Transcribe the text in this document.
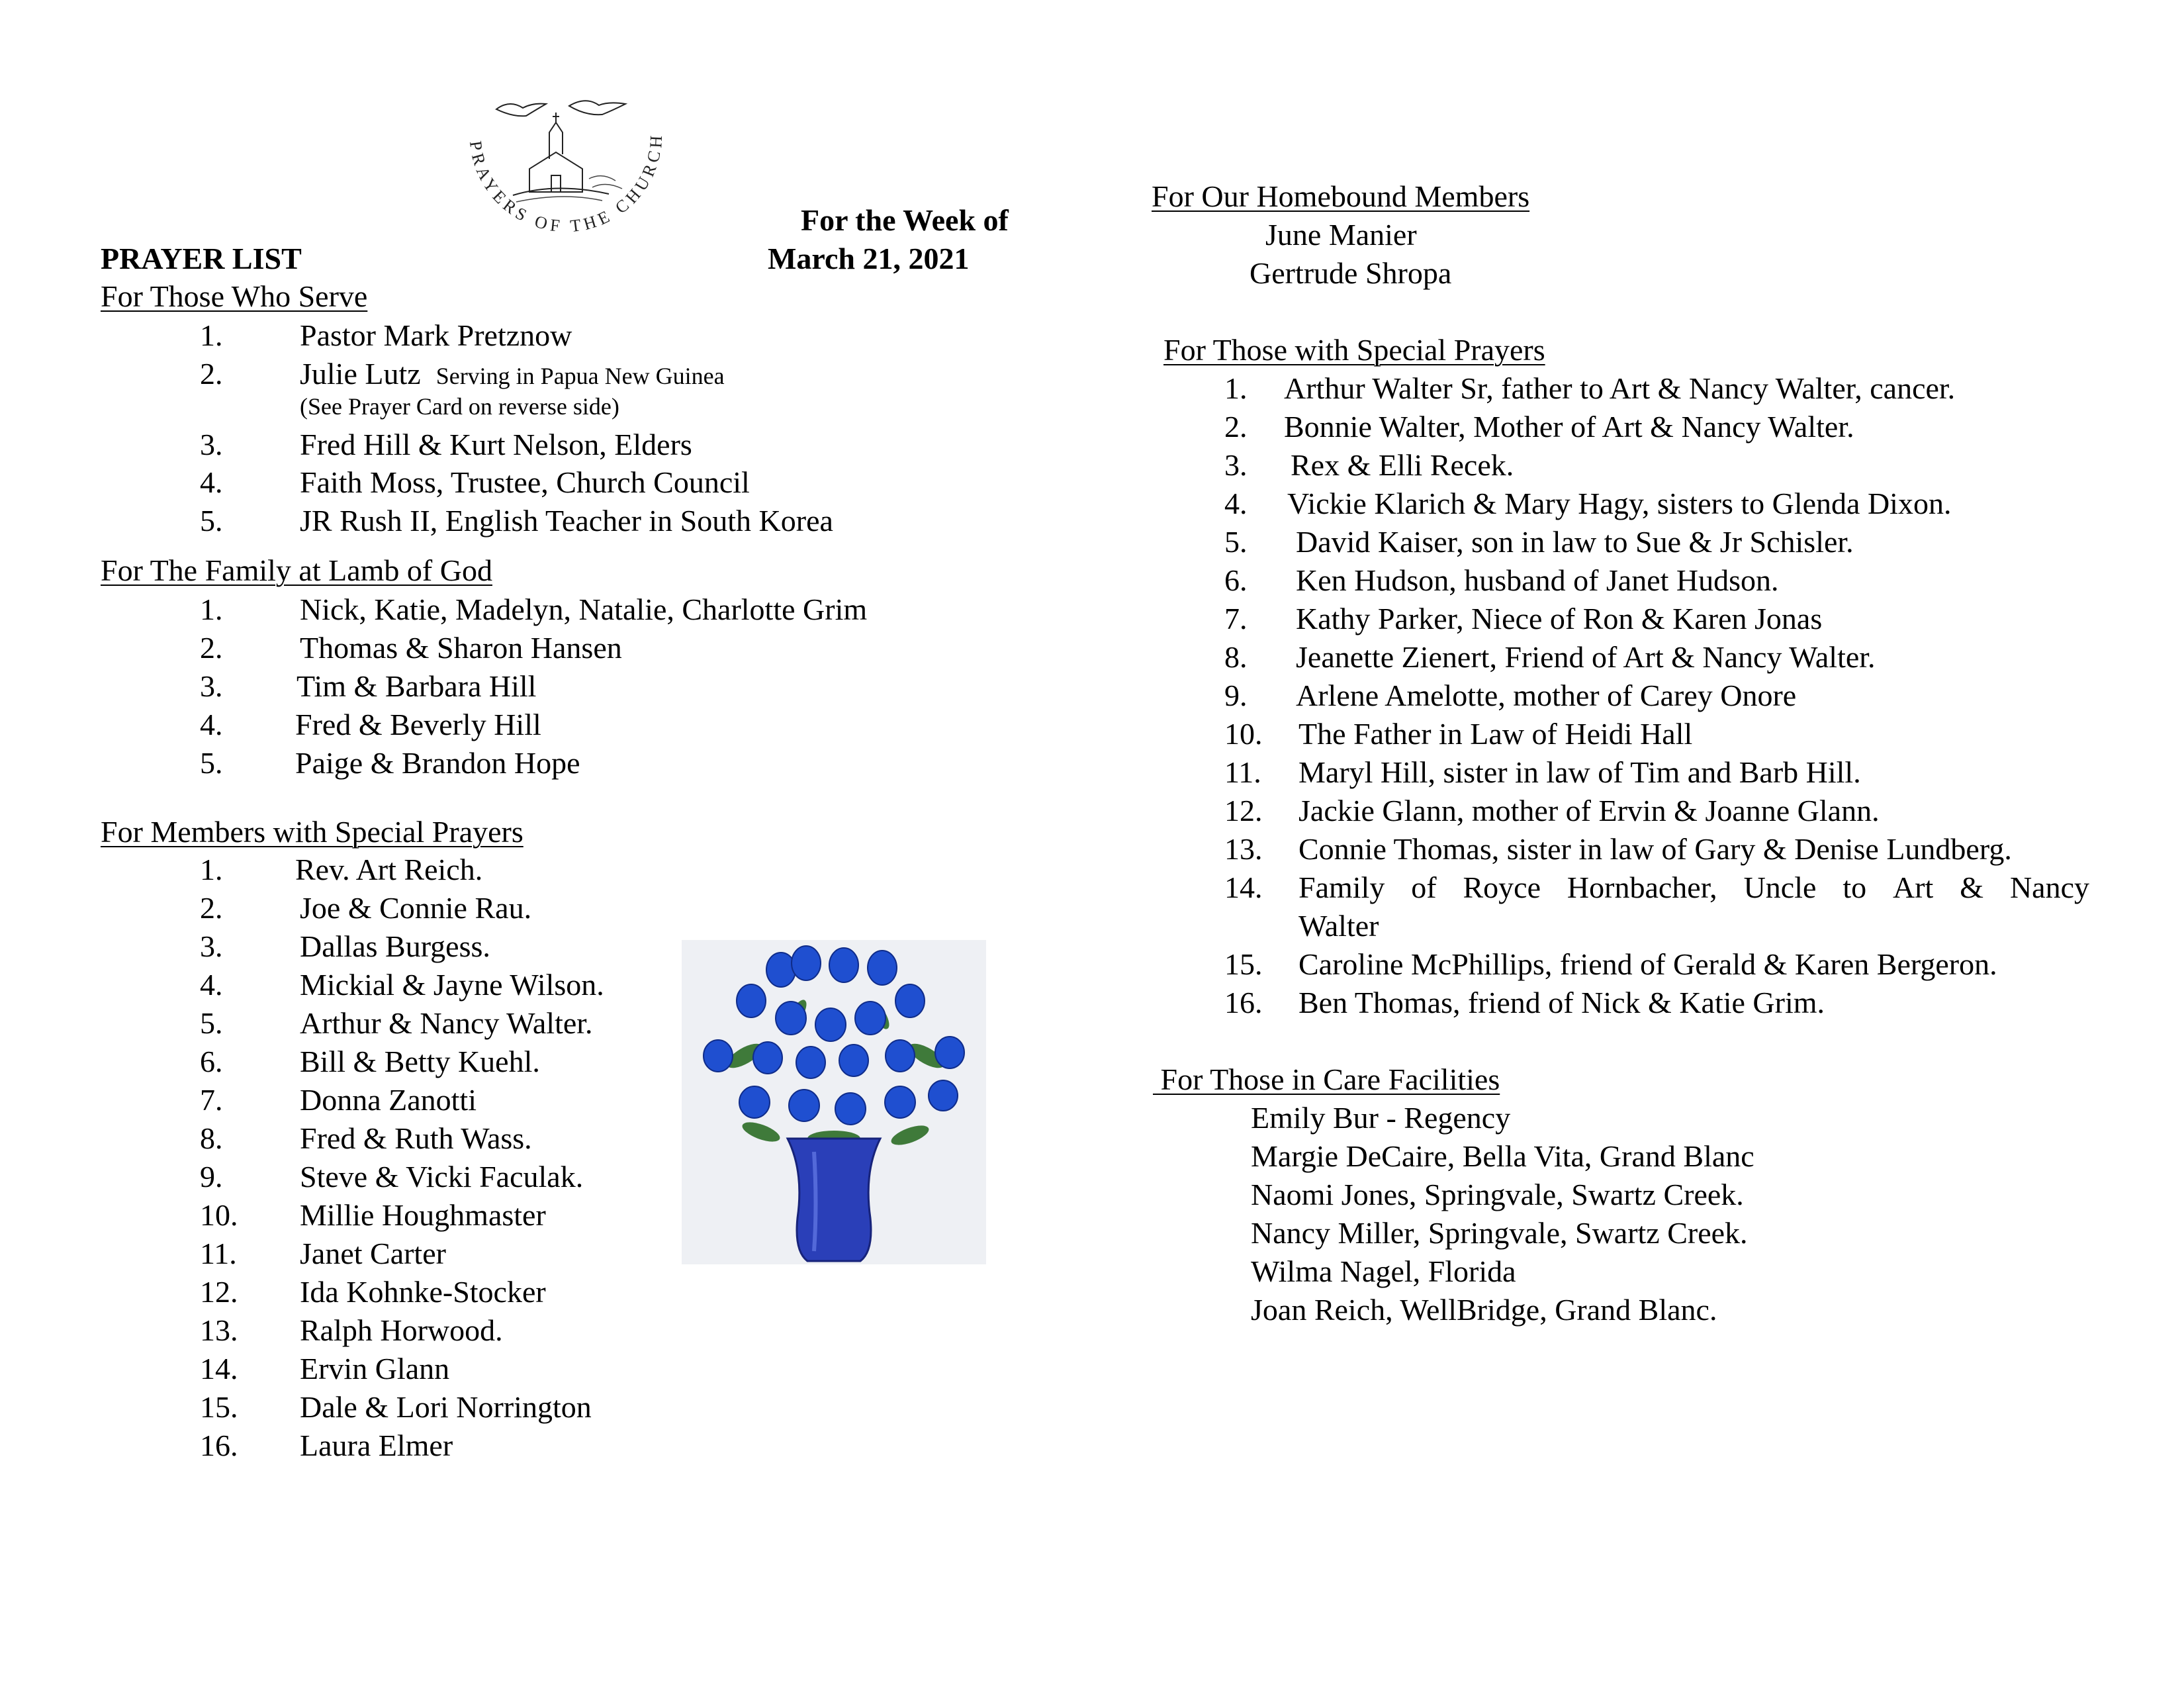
PRAYERS OF THE CHURCH
For the Week of
PRAYER LIST	March 21, 2021
For Those Who Serve
1.	Pastor Mark Pretznow
2.	Julie Lutz Serving in Papua New Guinea
(See Prayer Card on reverse side)
3.	Fred Hill & Kurt Nelson, Elders
4.	Faith Moss, Trustee, Church Council
5.	JR Rush II, English Teacher in South Korea
For The Family at Lamb of God
1.	Nick, Katie, Madelyn, Natalie, Charlotte Grim
2.	Thomas & Sharon Hansen
3. Tim & Barbara Hill
4. Fred & Beverly Hill
5. Paige & Brandon Hope
For Members with Special Prayers
1. Rev. Art Reich.
2.	Joe & Connie Rau.
3.	Dallas Burgess.
4.	Mickial & Jayne Wilson.
5.	Arthur & Nancy Walter.
6.	Bill & Betty Kuehl.
7.	Donna Zanotti
8.	Fred & Ruth Wass.
9.	Steve & Vicki Faculak.
10. Millie Houghmaster
11. Janet Carter
12. Ida Kohnke-Stocker
13. Ralph Horwood.
14. Ervin Glann
15. Dale & Lori Norrington
16. Laura Elmer
For Our Homebound Members
June Manier
Gertrude Shropa
For Those with Special Prayers
1. Arthur Walter Sr, father to Art & Nancy Walter, cancer.
2. Bonnie Walter, Mother of Art & Nancy Walter.
3. Rex & Elli Recek.
4. Vickie Klarich & Mary Hagy, sisters to Glenda Dixon.
5. David Kaiser, son in law to Sue & Jr Schisler.
6. Ken Hudson, husband of Janet Hudson.
7. Kathy Parker, Niece of Ron & Karen Jonas
8. Jeanette Zienert, Friend of Art & Nancy Walter.
9. Arlene Amelotte, mother of Carey Onore
10. The Father in Law of Heidi Hall
11. Maryl Hill, sister in law of Tim and Barb Hill.
12. Jackie Glann, mother of Ervin & Joanne Glann.
13. Connie Thomas, sister in law of Gary & Denise Lundberg.
14. Family of Royce Hornbacher, Uncle to Art & Nancy
Walter
15. Caroline McPhillips, friend of Gerald & Karen Bergeron.
16. Ben Thomas, friend of Nick & Katie Grim.
For Those in Care Facilities
Emily Bur - Regency
Margie DeCaire, Bella Vita, Grand Blanc
Naomi Jones, Springvale, Swartz Creek.
Nancy Miller, Springvale, Swartz Creek.
Wilma Nagel, Florida
Joan Reich, WellBridge, Grand Blanc.
